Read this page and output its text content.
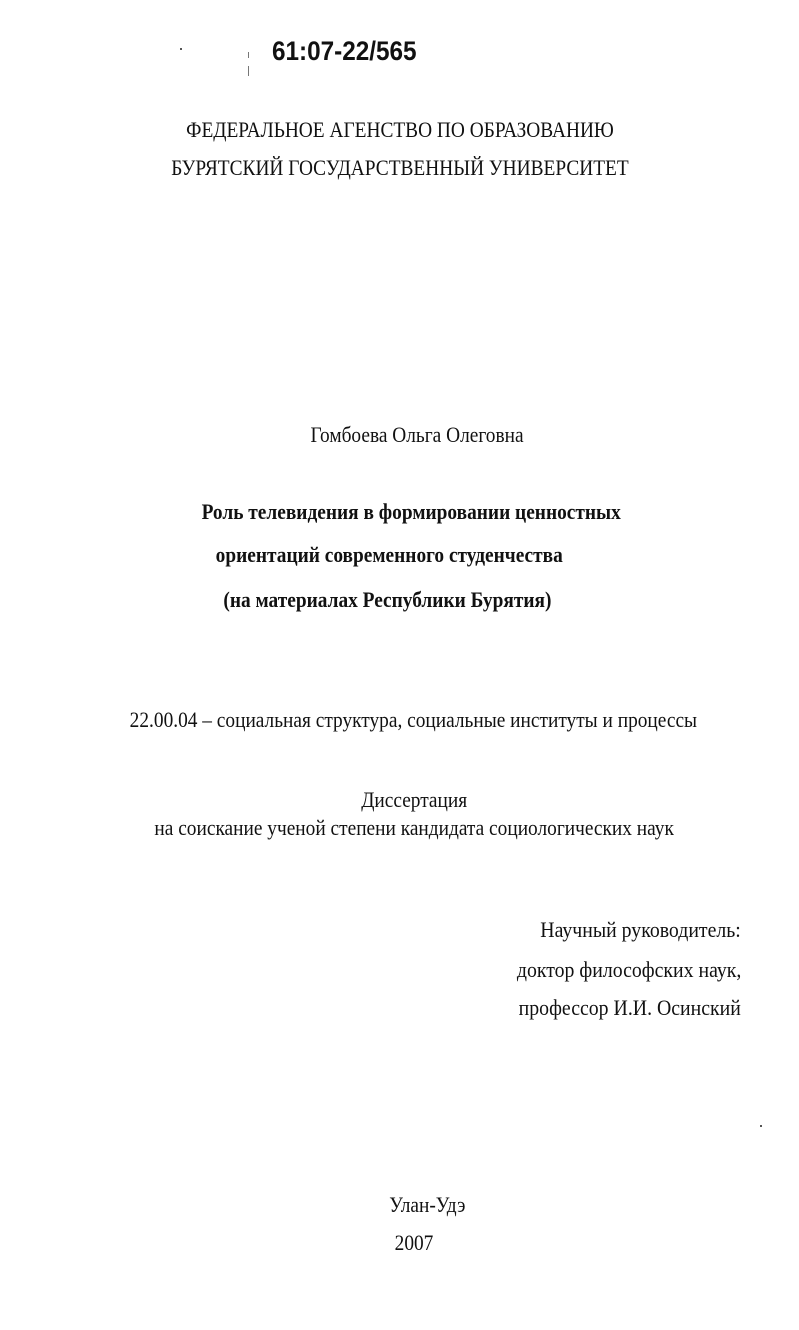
61:07-22/565
ФЕДЕРАЛЬНОЕ АГЕНСТВО ПО ОБРАЗОВАНИЮ
БУРЯТСКИЙ ГОСУДАРСТВЕННЫЙ УНИВЕРСИТЕТ
Гомбоева Ольга Олеговна
Роль телевидения в формировании ценностных
ориентаций современного студенчества
(на материалах Республики Бурятия)
22.00.04 – социальная структура, социальные институты и процессы
Диссертация
на соискание ученой степени кандидата социологических наук
Научный руководитель:
доктор философских наук,
профессор И.И. Осинский
Улан-Удэ
2007
